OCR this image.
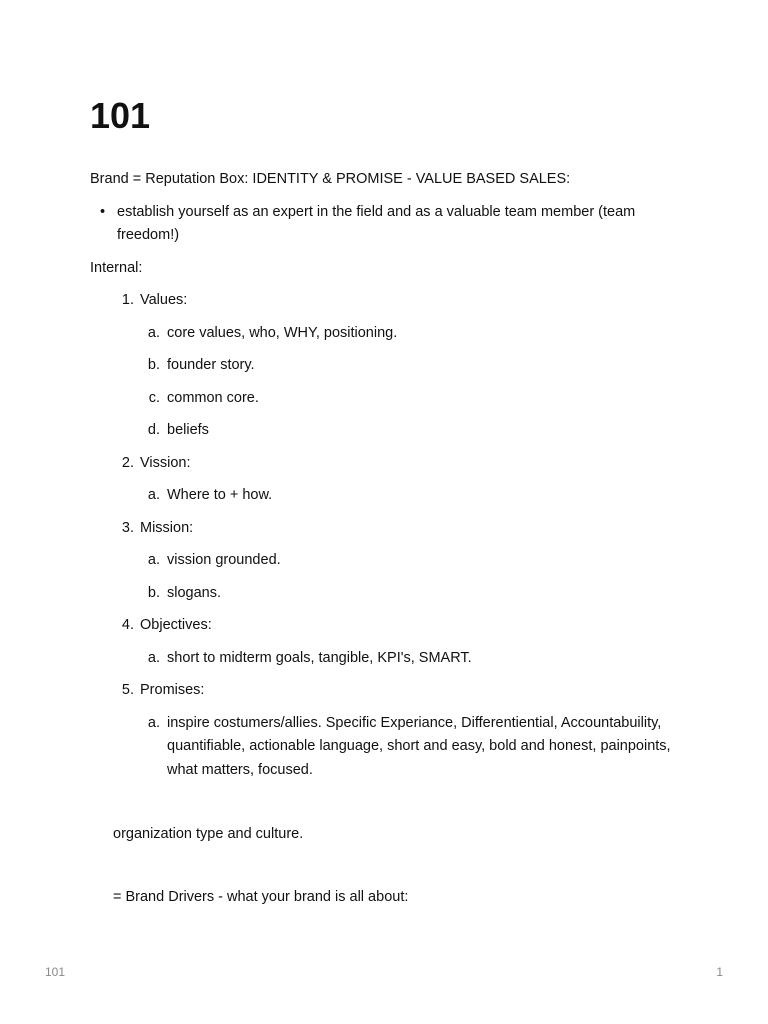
101

Brand = Reputation Box: IDENTITY & PROMISE - VALUE BASED SALES:

• establish yourself as an expert in the field and as a valuable team member (team freedom!)

Internal:

1. Values:
a. core values, who, WHY, positioning.
b. founder story.
c. common core.
d. beliefs
2. Vission:
a. Where to + how.
3. Mission:
a. vission grounded.
b. slogans.
4. Objectives:
a. short to midterm goals, tangible, KPI's, SMART.
5. Promises:
a. inspire costumers/allies. Specific Experiance, Differentiential, Accountabuility, quantifiable, actionable language, short and easy, bold and honest, painpoints, what matters, focused.

organization type and culture.

= Brand Drivers - what your brand is all about:

101	1
